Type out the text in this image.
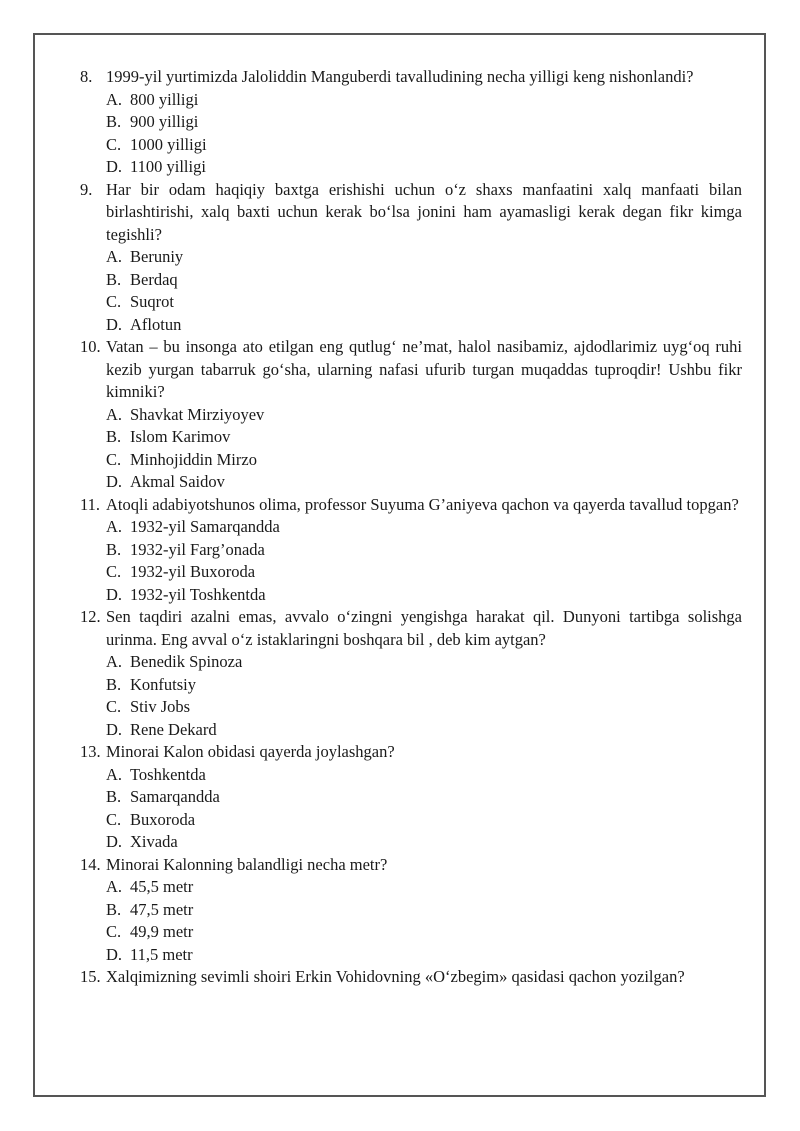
8. 1999-yil yurtimizda Jaloliddin Manguberdi tavalludining necha yilligi keng nishonlandi?
A. 800 yilligi
B. 900 yilligi
C. 1000 yilligi
D. 1100 yilligi
9. Har bir odam haqiqiy baxtga erishishi uchun o‘z shaxs manfaatini xalq manfaati bilan birlashtirishi, xalq baxti uchun kerak bo‘lsa jonini ham ayamasligi kerak degan fikr kimga tegishli?
A. Beruniy
B. Berdaq
C. Suqrot
D. Aflotun
10. Vatan – bu insonga ato etilgan eng qutlug‘ ne’mat, halol nasibamiz, ajdodlarimiz uyg‘oq ruhi kezib yurgan tabarruk go‘sha, ularning nafasi ufurib turgan muqaddas tuproqdir! Ushbu fikr kimniki?
A. Shavkat Mirziyoyev
B. Islom Karimov
C. Minhojiddin Mirzo
D. Akmal Saidov
11. Atoqli adabiyotshunos olima, professor Suyuma G’aniyeva qachon va qayerda tavallud topgan?
A. 1932-yil Samarqandda
B. 1932-yil Farg’onada
C. 1932-yil Buxoroda
D. 1932-yil Toshkentda
12. Sen taqdiri azalni emas, avvalo o‘zingni yengishga harakat qil. Dunyoni tartibga solishga urinma. Eng avval o‘z istaklaringni boshqara bil , deb kim aytgan?
A. Benedik Spinoza
B. Konfutsiy
C. Stiv Jobs
D. Rene Dekard
13. Minorai Kalon obidasi qayerda joylashgan?
A. Toshkentda
B. Samarqandda
C. Buxoroda
D. Xivada
14. Minorai Kalonning balandligi necha metr?
A. 45,5 metr
B. 47,5 metr
C. 49,9 metr
D. 11,5 metr
15. Xalqimizning sevimli shoiri Erkin Vohidovning «O‘zbegim» qasidasi qachon yozilgan?
